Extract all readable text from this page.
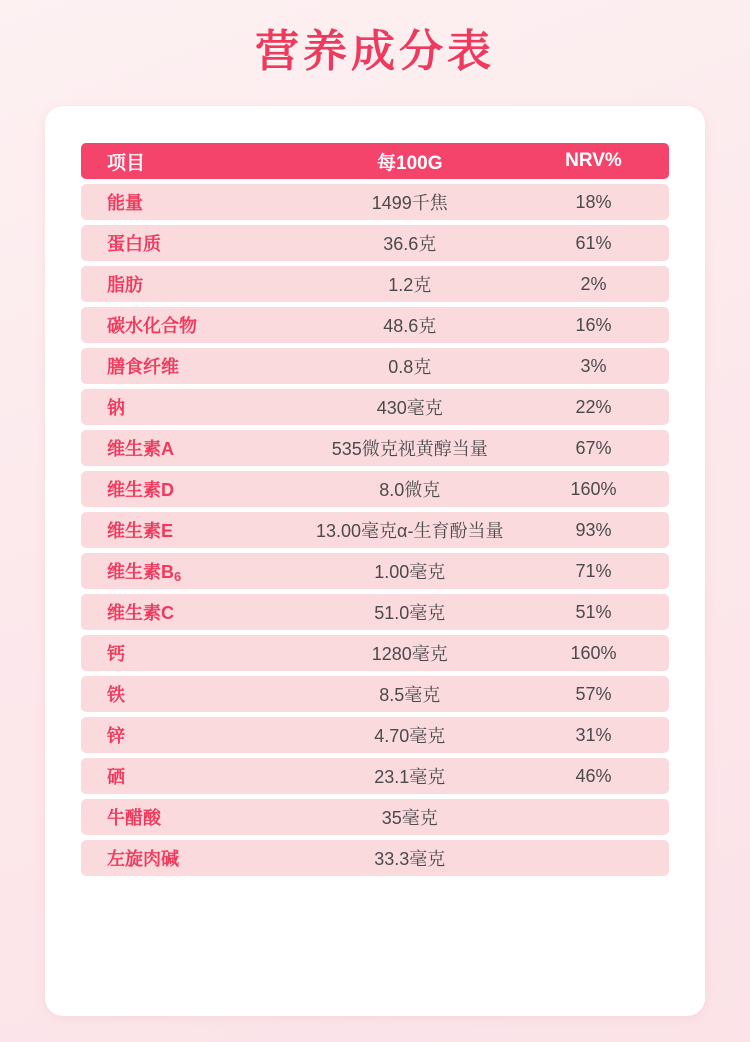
营养成分表
项目	每100G	NRV%
能量	1499千焦	18%
蛋白质	36.6克	61%
脂肪	1.2克	2%
碳水化合物	48.6克	16%
膳食纤维	0.8克	3%
钠	430毫克	22%
维生素A	535微克视黄醇当量	67%
维生素D	8.0微克	160%
维生素E	13.00毫克α-生育酚当量	93%
维生素$B_6$	1.00毫克	71%
维生素C	51.0毫克	51%
钙	1280毫克	160%
铁	8.5毫克	57%
锌	4.70毫克	31%
硒	23.1毫克	46%
牛醋酸	35毫克	
左旋肉碱	33.3毫克	
